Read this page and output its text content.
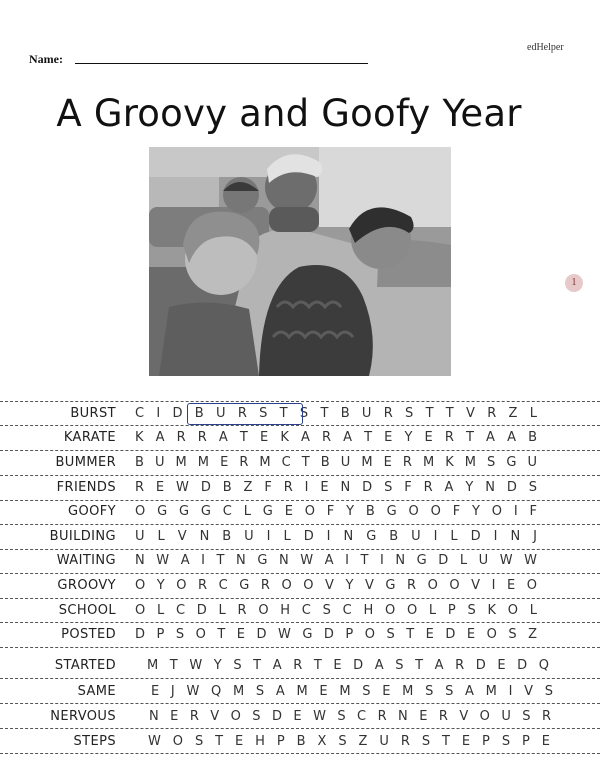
edHelper
Name:
A Groovy and Goofy Year
1
BURST C I D B U R S T S T B U R S T T V R Z L
KARATE K A R R A T E K A R A T E Y E R T A A B
BUMMER B U M M E R M C T B U M E R M K M S G U
FRIENDS R E W D B Z F R I E N D S F R A Y N D S
GOOFY O G G G C L G E O F Y B G O O F Y O I F
BUILDING U L V N B U I L D I N G B U I L D I N J
WAITING N W A I T N G N W A I T I N G D L U W W
GROOVY O Y O R C G R O O V Y V G R O O V I E O
SCHOOL O L C D L R O H C S C H O O L P S K O L
POSTED D P S O T E D W G D P O S T E D E O S Z
STARTED M T W Y S T A R T E D A S T A R D E D Q
SAME	E J W Q M S A M E M S E M S S A M I V S
NERVOUS	N E R V O S D E W S C R N E R V O U S R
STEPS W O S T E H P B X S Z U R S T E P S P E
